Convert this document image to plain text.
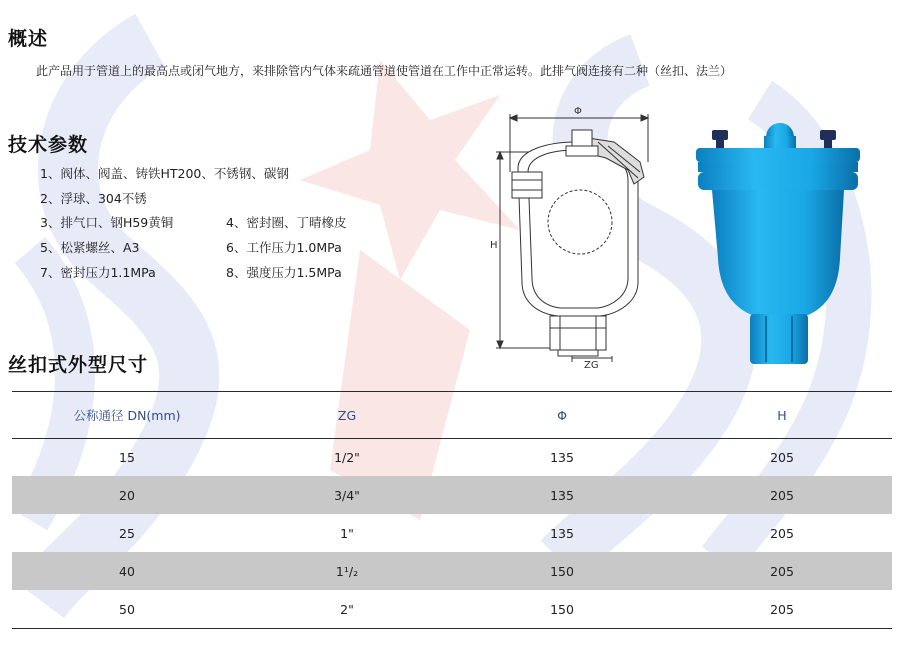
概述
此产品用于管道上的最高点或闭气地方，来排除管内气体来疏通管道使管道在工作中正常运转。此排气阀连接有二种（丝扣、法兰）
技术参数
1、阀体、阀盖、铸铁HT200、不锈钢、碳钢
2、浮球、304不锈
3、排气口、钢H59黄铜	4、密封圈、丁晴橡皮
5、松紧螺丝、A3	6、工作压力1.0MPa
7、密封压力1.1MPa	8、强度压力1.5MPa
Φ
H
ZG
丝扣式外型尺寸
公称通径 DN(mm)	ZG	Φ	H
15	1/2"	135	205
20	3/4"	135	205
25	1"	135	205
40	1¹/₂	150	205
50	2"	150	205
